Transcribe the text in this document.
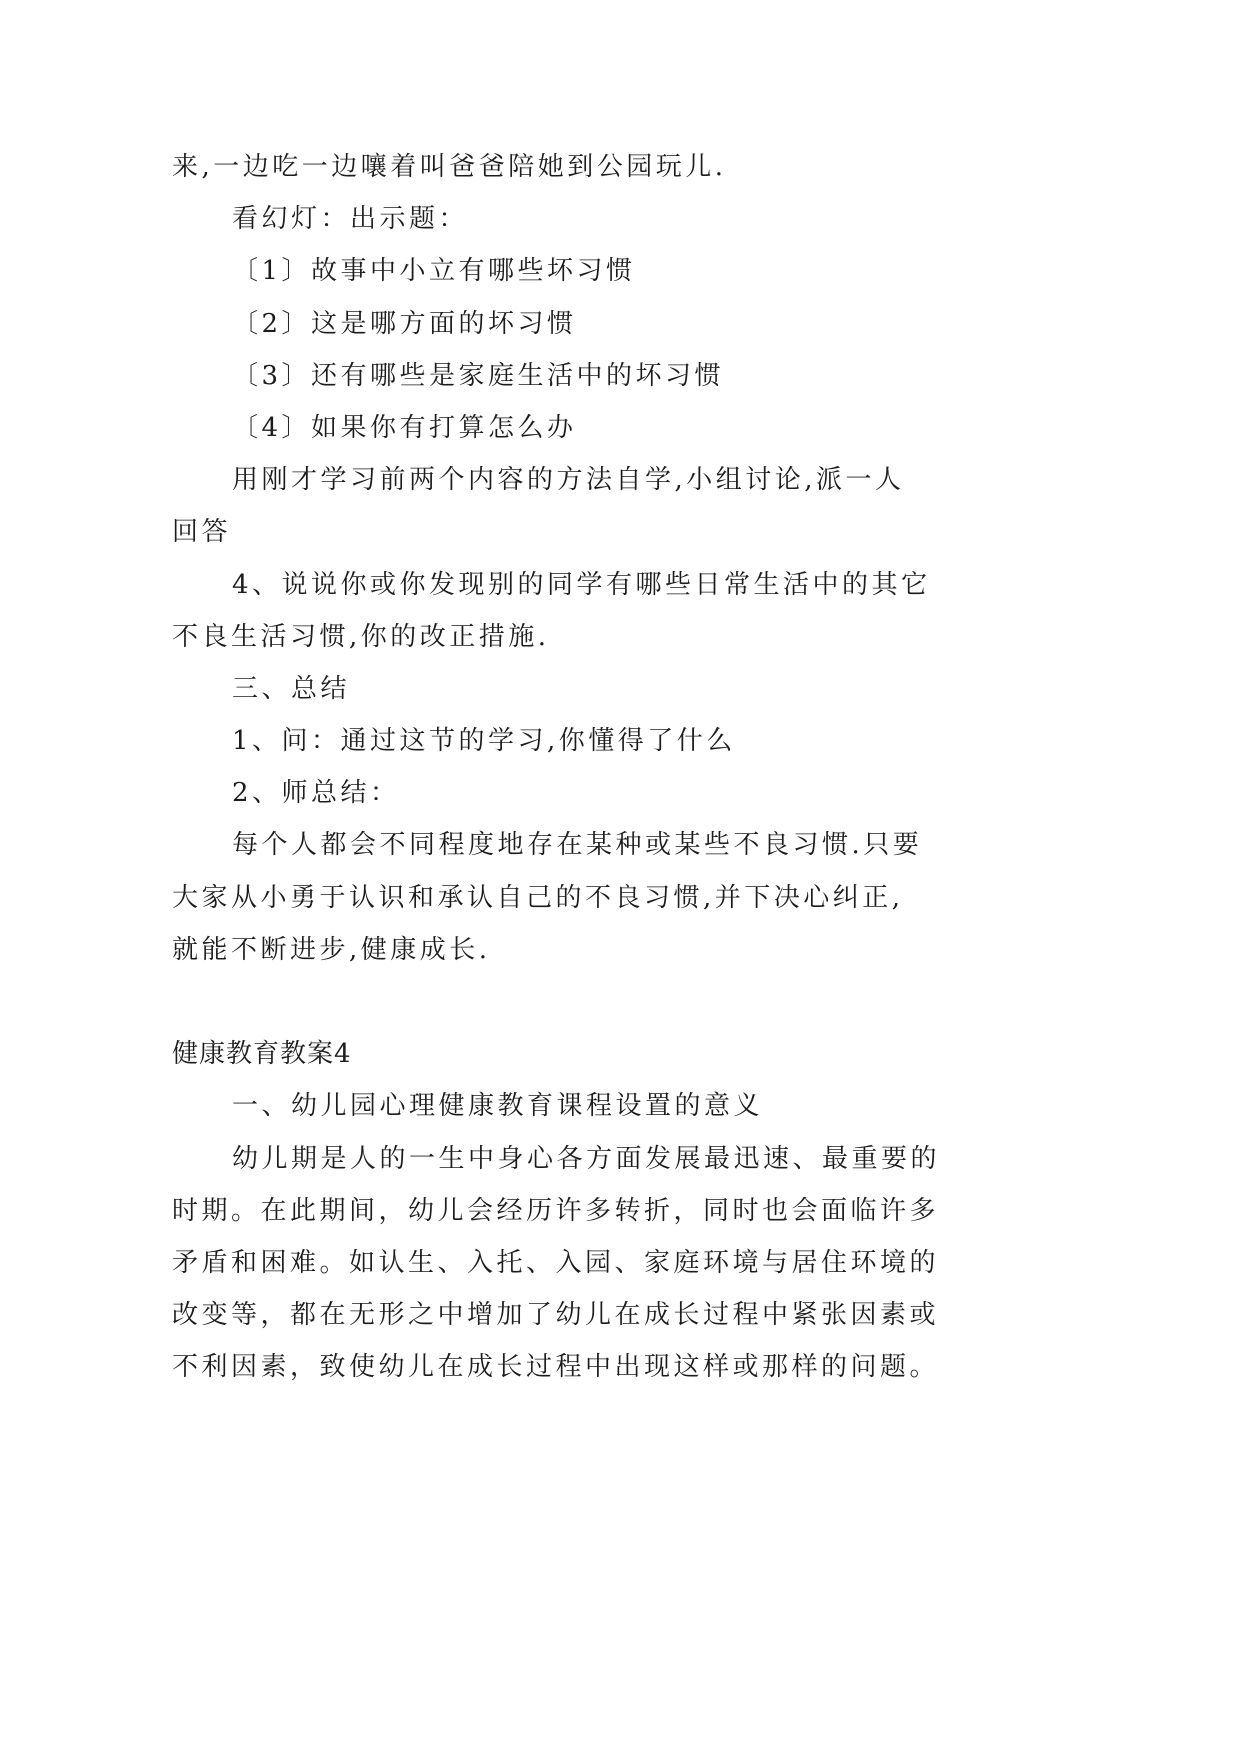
来,一边吃一边嚷着叫爸爸陪她到公园玩儿.
看幻灯：出示题：
〔1〕故事中小立有哪些坏习惯
〔2〕这是哪方面的坏习惯
〔3〕还有哪些是家庭生活中的坏习惯
〔4〕如果你有打算怎么办
用刚才学习前两个内容的方法自学,小组讨论,派一人
回答
4、说说你或你发现别的同学有哪些日常生活中的其它
不良生活习惯,你的改正措施.
三、总结
1、问：通过这节的学习,你懂得了什么
2、师总结：
每个人都会不同程度地存在某种或某些不良习惯.只要
大家从小勇于认识和承认自己的不良习惯,并下决心纠正,
就能不断进步,健康成长.
健康教育教案4
一、幼儿园心理健康教育课程设置的意义
幼儿期是人的一生中身心各方面发展最迅速、最重要的
时期。在此期间，幼儿会经历许多转折，同时也会面临许多
矛盾和困难。如认生、入托、入园、家庭环境与居住环境的
改变等，都在无形之中增加了幼儿在成长过程中紧张因素或
不利因素，致使幼儿在成长过程中出现这样或那样的问题。
